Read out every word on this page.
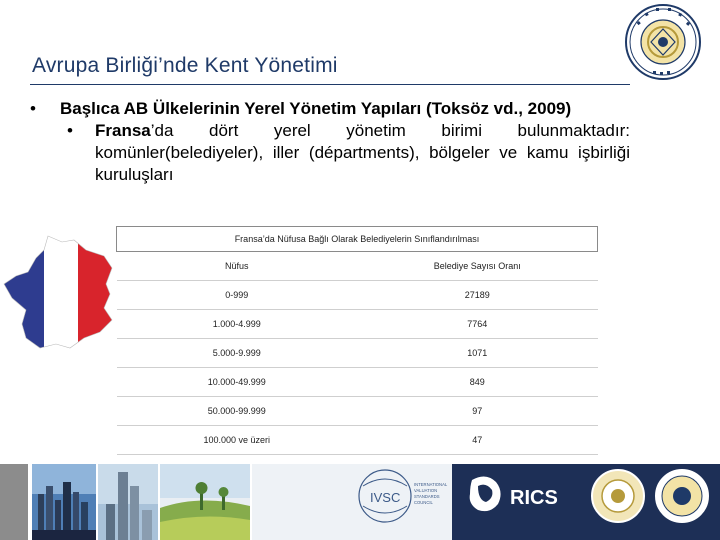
Avrupa Birliği’nde Kent Yönetimi
• Başlıca AB Ülkelerinin Yerel Yönetim Yapıları (Toksöz vd., 2009)
• Fransa’da dört yerel yönetim birimi bulunmaktadır: komünler(belediyeler), iller (départments), bölgeler ve kamu işbirliği kuruluşları
Fransa’da Nüfusa Bağlı Olarak Belediyelerin Sınıflandırılması	
Nüfus	Belediye Sayısı Oranı
0-999	27189
1.000-4.999	7764
5.000-9.999	1071
10.000-49.999	849
50.000-99.999	97
100.000 ve üzeri	47
IVSC
INTERNATIONAL
VALUATION
STANDARDS
COUNCIL	RICS
